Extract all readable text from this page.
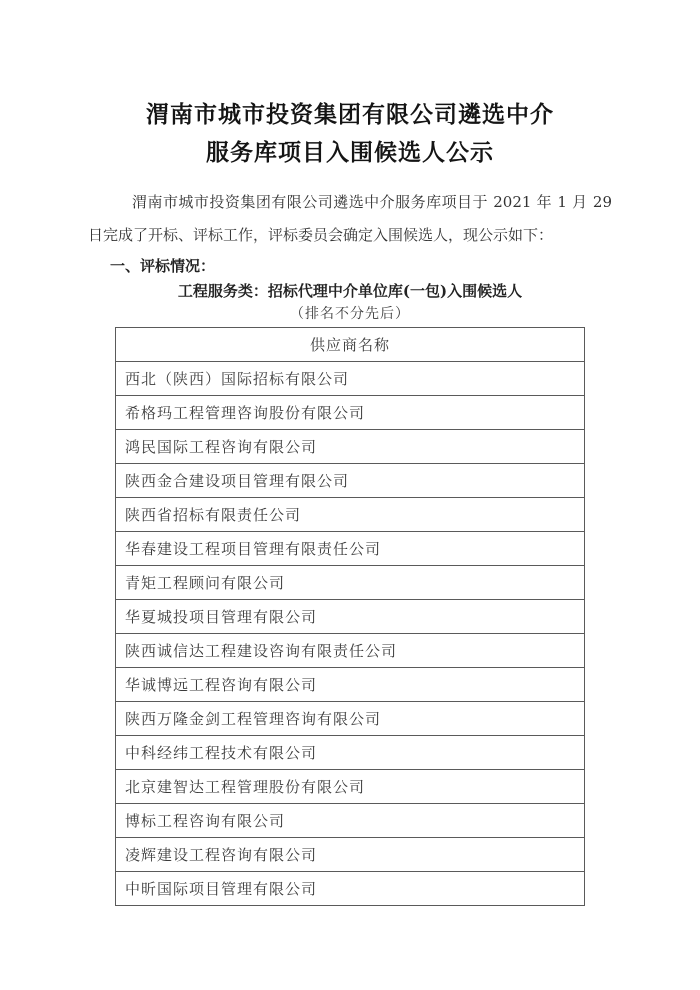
渭南市城市投资集团有限公司遴选中介
服务库项目入围候选人公示

渭南市城市投资集团有限公司遴选中介服务库项目于 2021 年 1 月 29 日完成了开标、评标工作，评标委员会确定入围候选人，现公示如下：

一、评标情况：
工程服务类：招标代理中介单位库(一包)入围候选人
（排名不分先后）
供应商名称
西北（陕西）国际招标有限公司
希格玛工程管理咨询股份有限公司
鸿民国际工程咨询有限公司
陕西金合建设项目管理有限公司
陕西省招标有限责任公司
华春建设工程项目管理有限责任公司
青矩工程顾问有限公司
华夏城投项目管理有限公司
陕西诚信达工程建设咨询有限责任公司
华诚博远工程咨询有限公司
陕西万隆金剑工程管理咨询有限公司
中科经纬工程技术有限公司
北京建智达工程管理股份有限公司
博标工程咨询有限公司
凌辉建设工程咨询有限公司
中昕国际项目管理有限公司
